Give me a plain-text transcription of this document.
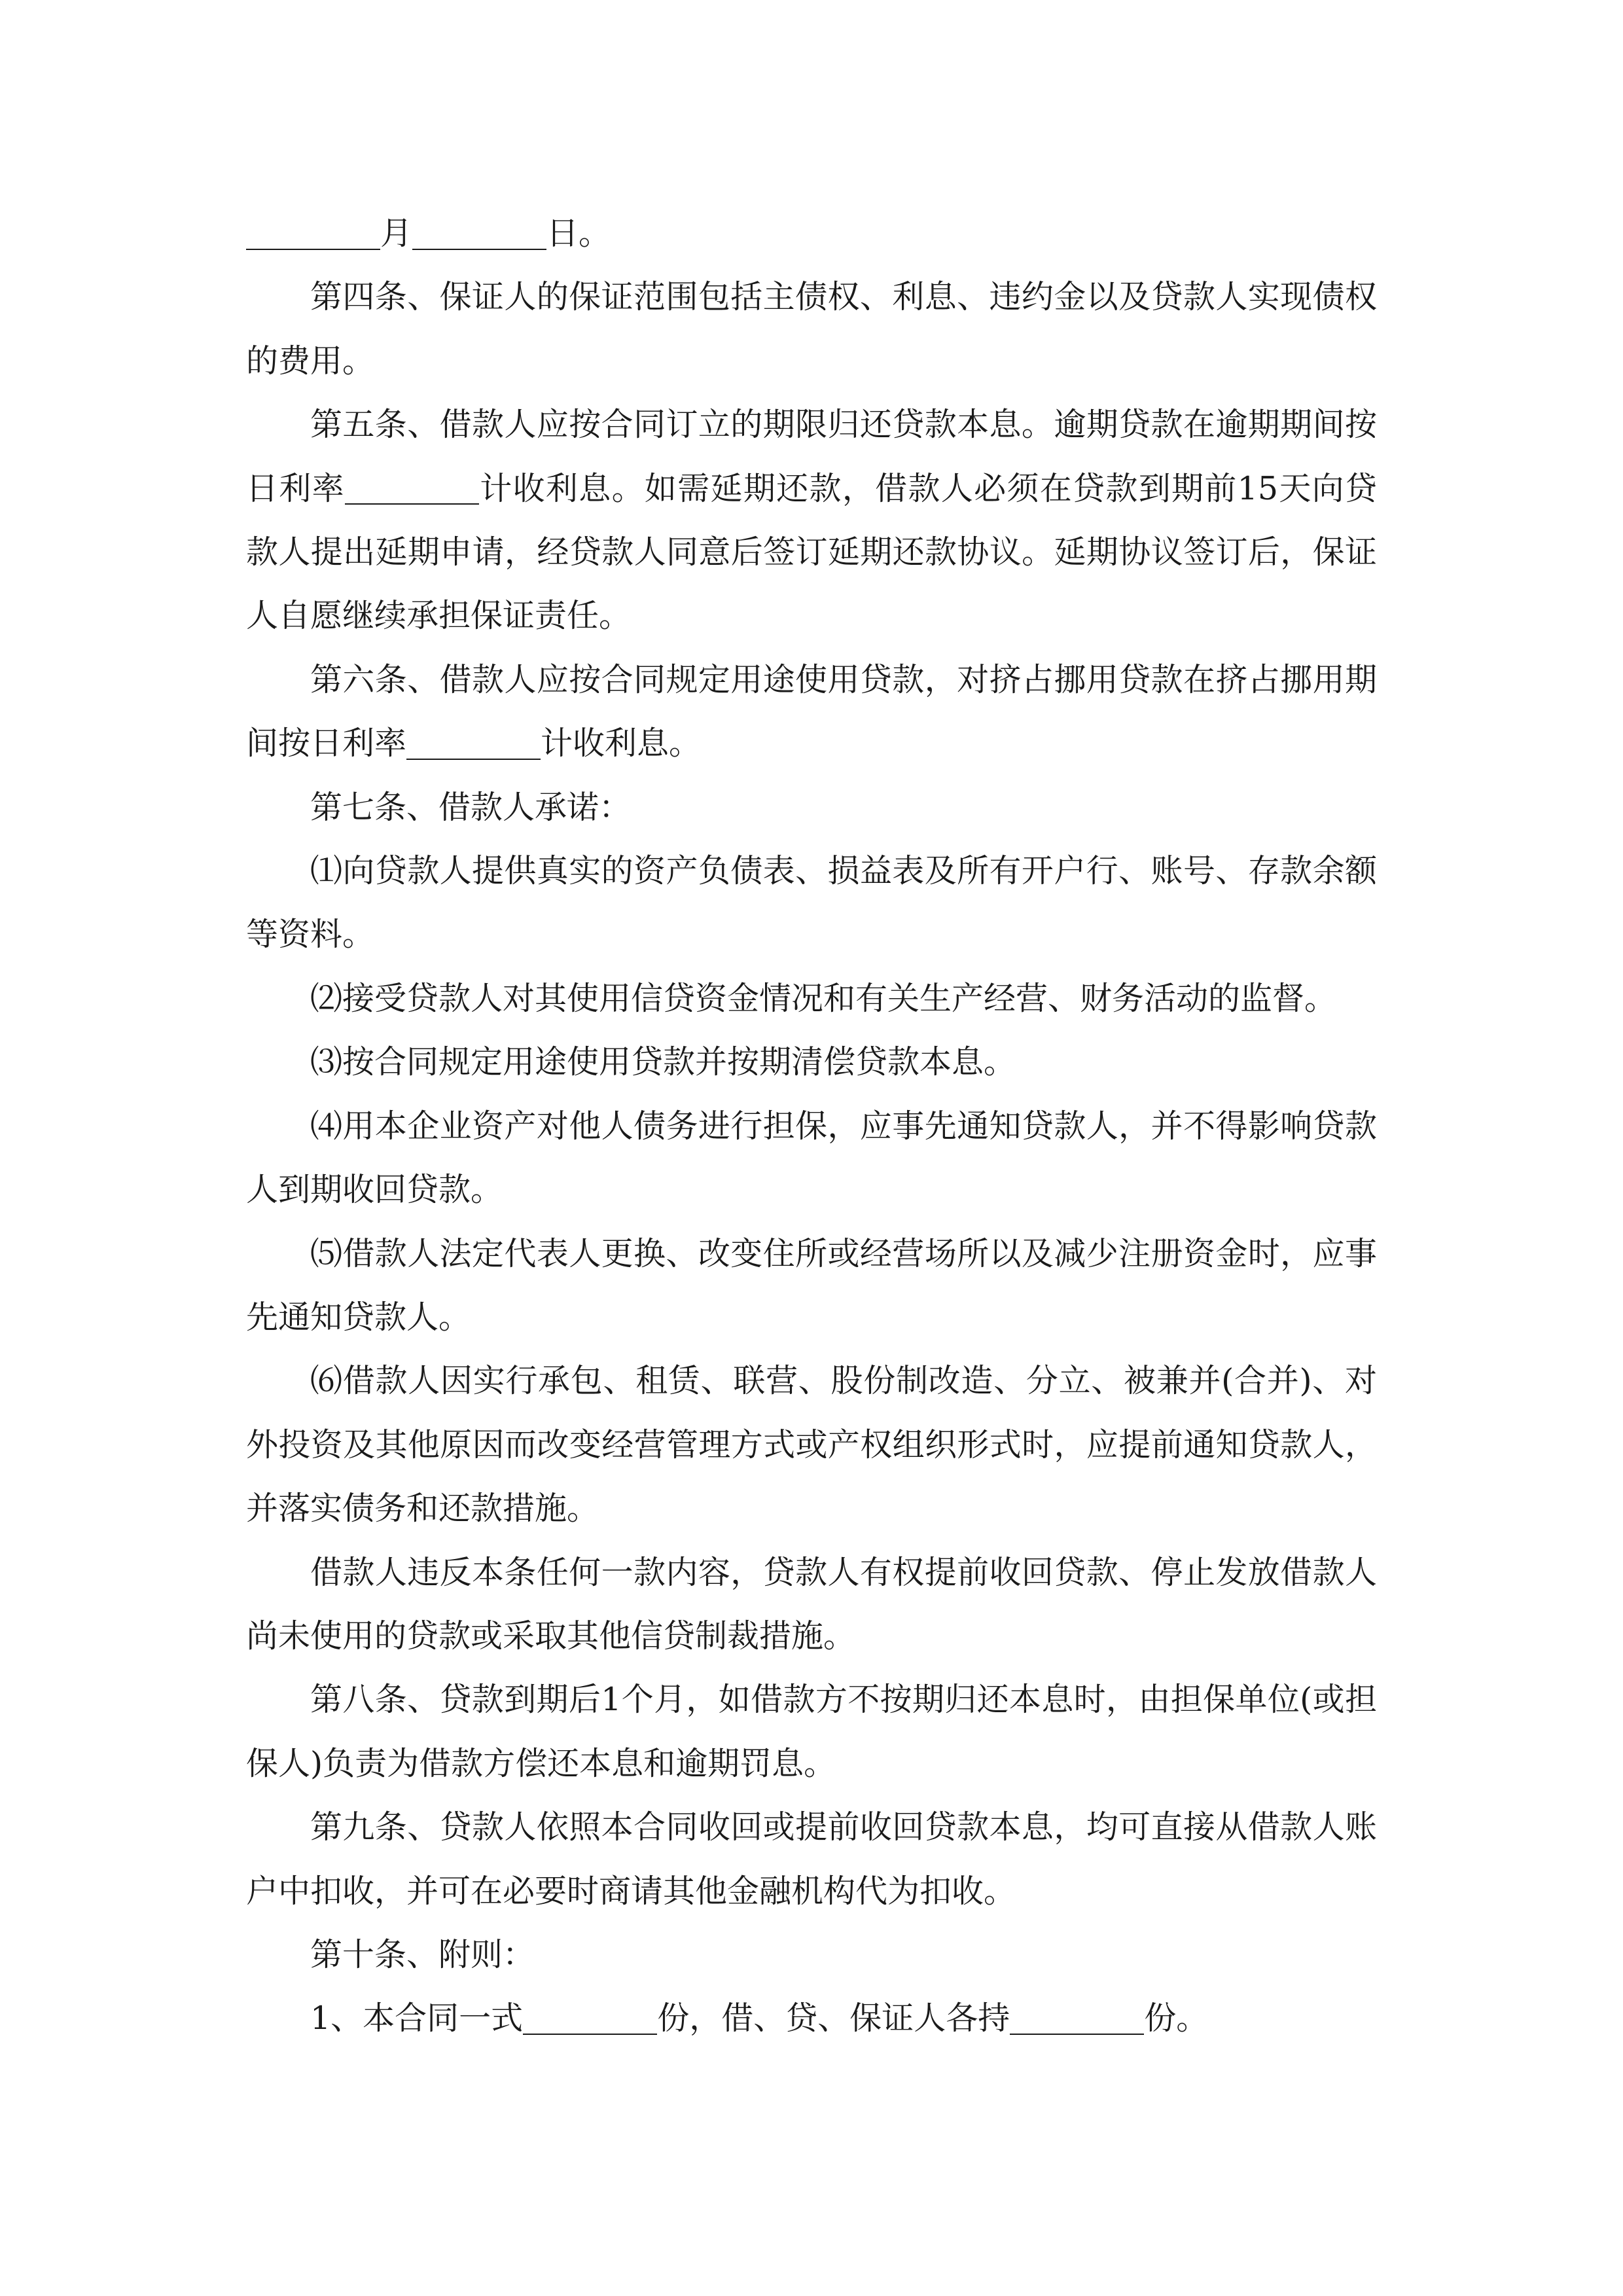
月	日。

第四条、保证人的保证范围包括主债权、利息、违约金以及贷款人实现债权的费用。

第五条、借款人应按合同订立的期限归还贷款本息。逾期贷款在逾期期间按日利率	计收利息。如需延期还款，借款人必须在贷款到期前15天向贷款人提出延期申请，经贷款人同意后签订延期还款协议。延期协议签订后，保证人自愿继续承担保证责任。

第六条、借款人应按合同规定用途使用贷款，对挤占挪用贷款在挤占挪用期间按日利率	计收利息。

第七条、借款人承诺：

⑴向贷款人提供真实的资产负债表、损益表及所有开户行、账号、存款余额等资料。

⑵接受贷款人对其使用信贷资金情况和有关生产经营、财务活动的监督。

⑶按合同规定用途使用贷款并按期清偿贷款本息。

⑷用本企业资产对他人债务进行担保，应事先通知贷款人，并不得影响贷款人到期收回贷款。

⑸借款人法定代表人更换、改变住所或经营场所以及减少注册资金时，应事先通知贷款人。

⑹借款人因实行承包、租赁、联营、股份制改造、分立、被兼并(合并)、对外投资及其他原因而改变经营管理方式或产权组织形式时，应提前通知贷款人，并落实债务和还款措施。

借款人违反本条任何一款内容，贷款人有权提前收回贷款、停止发放借款人尚未使用的贷款或采取其他信贷制裁措施。

第八条、贷款到期后1个月，如借款方不按期归还本息时，由担保单位(或担保人)负责为借款方偿还本息和逾期罚息。

第九条、贷款人依照本合同收回或提前收回贷款本息，均可直接从借款人账户中扣收，并可在必要时商请其他金融机构代为扣收。

第十条、附则：

1、本合同一式	份，借、贷、保证人各持	份。
